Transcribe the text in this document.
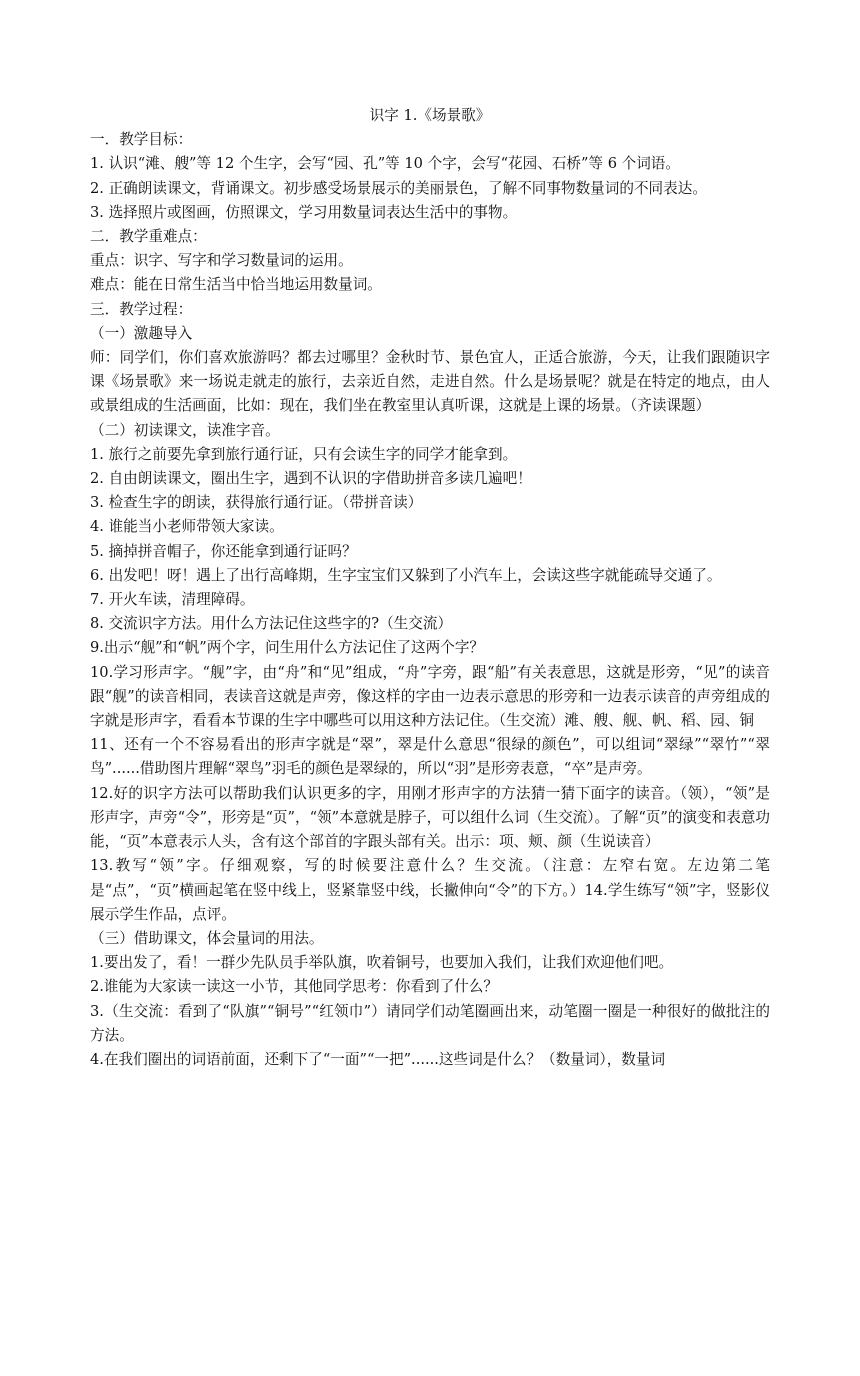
识字 1.《场景歌》

一．教学目标：

1. 认识“滩、艘”等 12 个生字，会写“园、孔”等 10 个字，会写“花园、石桥”等 6 个词语。

2. 正确朗读课文，背诵课文。初步感受场景展示的美丽景色，了解不同事物数量词的不同表达。

3. 选择照片或图画，仿照课文，学习用数量词表达生活中的事物。

二．教学重难点：

重点：识字、写字和学习数量词的运用。

难点：能在日常生活当中恰当地运用数量词。

三．教学过程：

（一）激趣导入

师：同学们，你们喜欢旅游吗？都去过哪里？金秋时节、景色宜人，正适合旅游，今天，让我们跟随识字课《场景歌》来一场说走就走的旅行，去亲近自然，走进自然。什么是场景呢？就是在特定的地点，由人或景组成的生活画面，比如：现在，我们坐在教室里认真听课，这就是上课的场景。（齐读课题）

（二）初读课文，读准字音。

1. 旅行之前要先拿到旅行通行证，只有会读生字的同学才能拿到。

2. 自由朗读课文，圈出生字，遇到不认识的字借助拼音多读几遍吧！

3. 检查生字的朗读，获得旅行通行证。（带拼音读）

4. 谁能当小老师带领大家读。

5. 摘掉拼音帽子，你还能拿到通行证吗？

6. 出发吧！呀！遇上了出行高峰期，生字宝宝们又躲到了小汽车上，会读这些字就能疏导交通了。

7. 开火车读，清理障碍。

8. 交流识字方法。用什么方法记住这些字的?（生交流）

9.出示“舰”和“帆”两个字，问生用什么方法记住了这两个字？

10.学习形声字。“舰”字，由“舟”和“见”组成，“舟”字旁，跟“船”有关表意思，这就是形旁，“见”的读音跟“舰”的读音相同，表读音这就是声旁，像这样的字由一边表示意思的形旁和一边表示读音的声旁组成的字就是形声字，看看本节课的生字中哪些可以用这种方法记住。（生交流）滩、艘、舰、帆、稻、园、铜

11、还有一个不容易看出的形声字就是“翠”，翠是什么意思“很绿的颜色”，可以组词“翠绿”“翠竹”“翠鸟”......借助图片理解“翠鸟”羽毛的颜色是翠绿的，所以“羽”是形旁表意，“卒”是声旁。

12.好的识字方法可以帮助我们认识更多的字，用刚才形声字的方法猜一猜下面字的读音。（领），“领”是形声字，声旁“令”，形旁是“页”，“领”本意就是脖子，可以组什么词（生交流）。了解“页”的演变和表意功能，“页”本意表示人头，含有这个部首的字跟头部有关。出示：项、颊、颜（生说读音）

13.教写“领”字。仔细观察，写的时候要注意什么？生交流。（注意：左窄右宽。左边第二笔是“点”，“页”横画起笔在竖中线上，竖紧靠竖中线，长撇伸向“令”的下方。）14.学生练写“领”字，竖影仪展示学生作品，点评。

（三）借助课文，体会量词的用法。

1.要出发了，看！一群少先队员手举队旗，吹着铜号，也要加入我们，让我们欢迎他们吧。

2.谁能为大家读一读这一小节，其他同学思考：你看到了什么？

3.（生交流：看到了“队旗”“铜号”“红领巾”）请同学们动笔圈画出来，动笔圈一圈是一种很好的做批注的方法。

4.在我们圈出的词语前面，还剩下了“一面”“一把”......这些词是什么？（数量词），数量词
